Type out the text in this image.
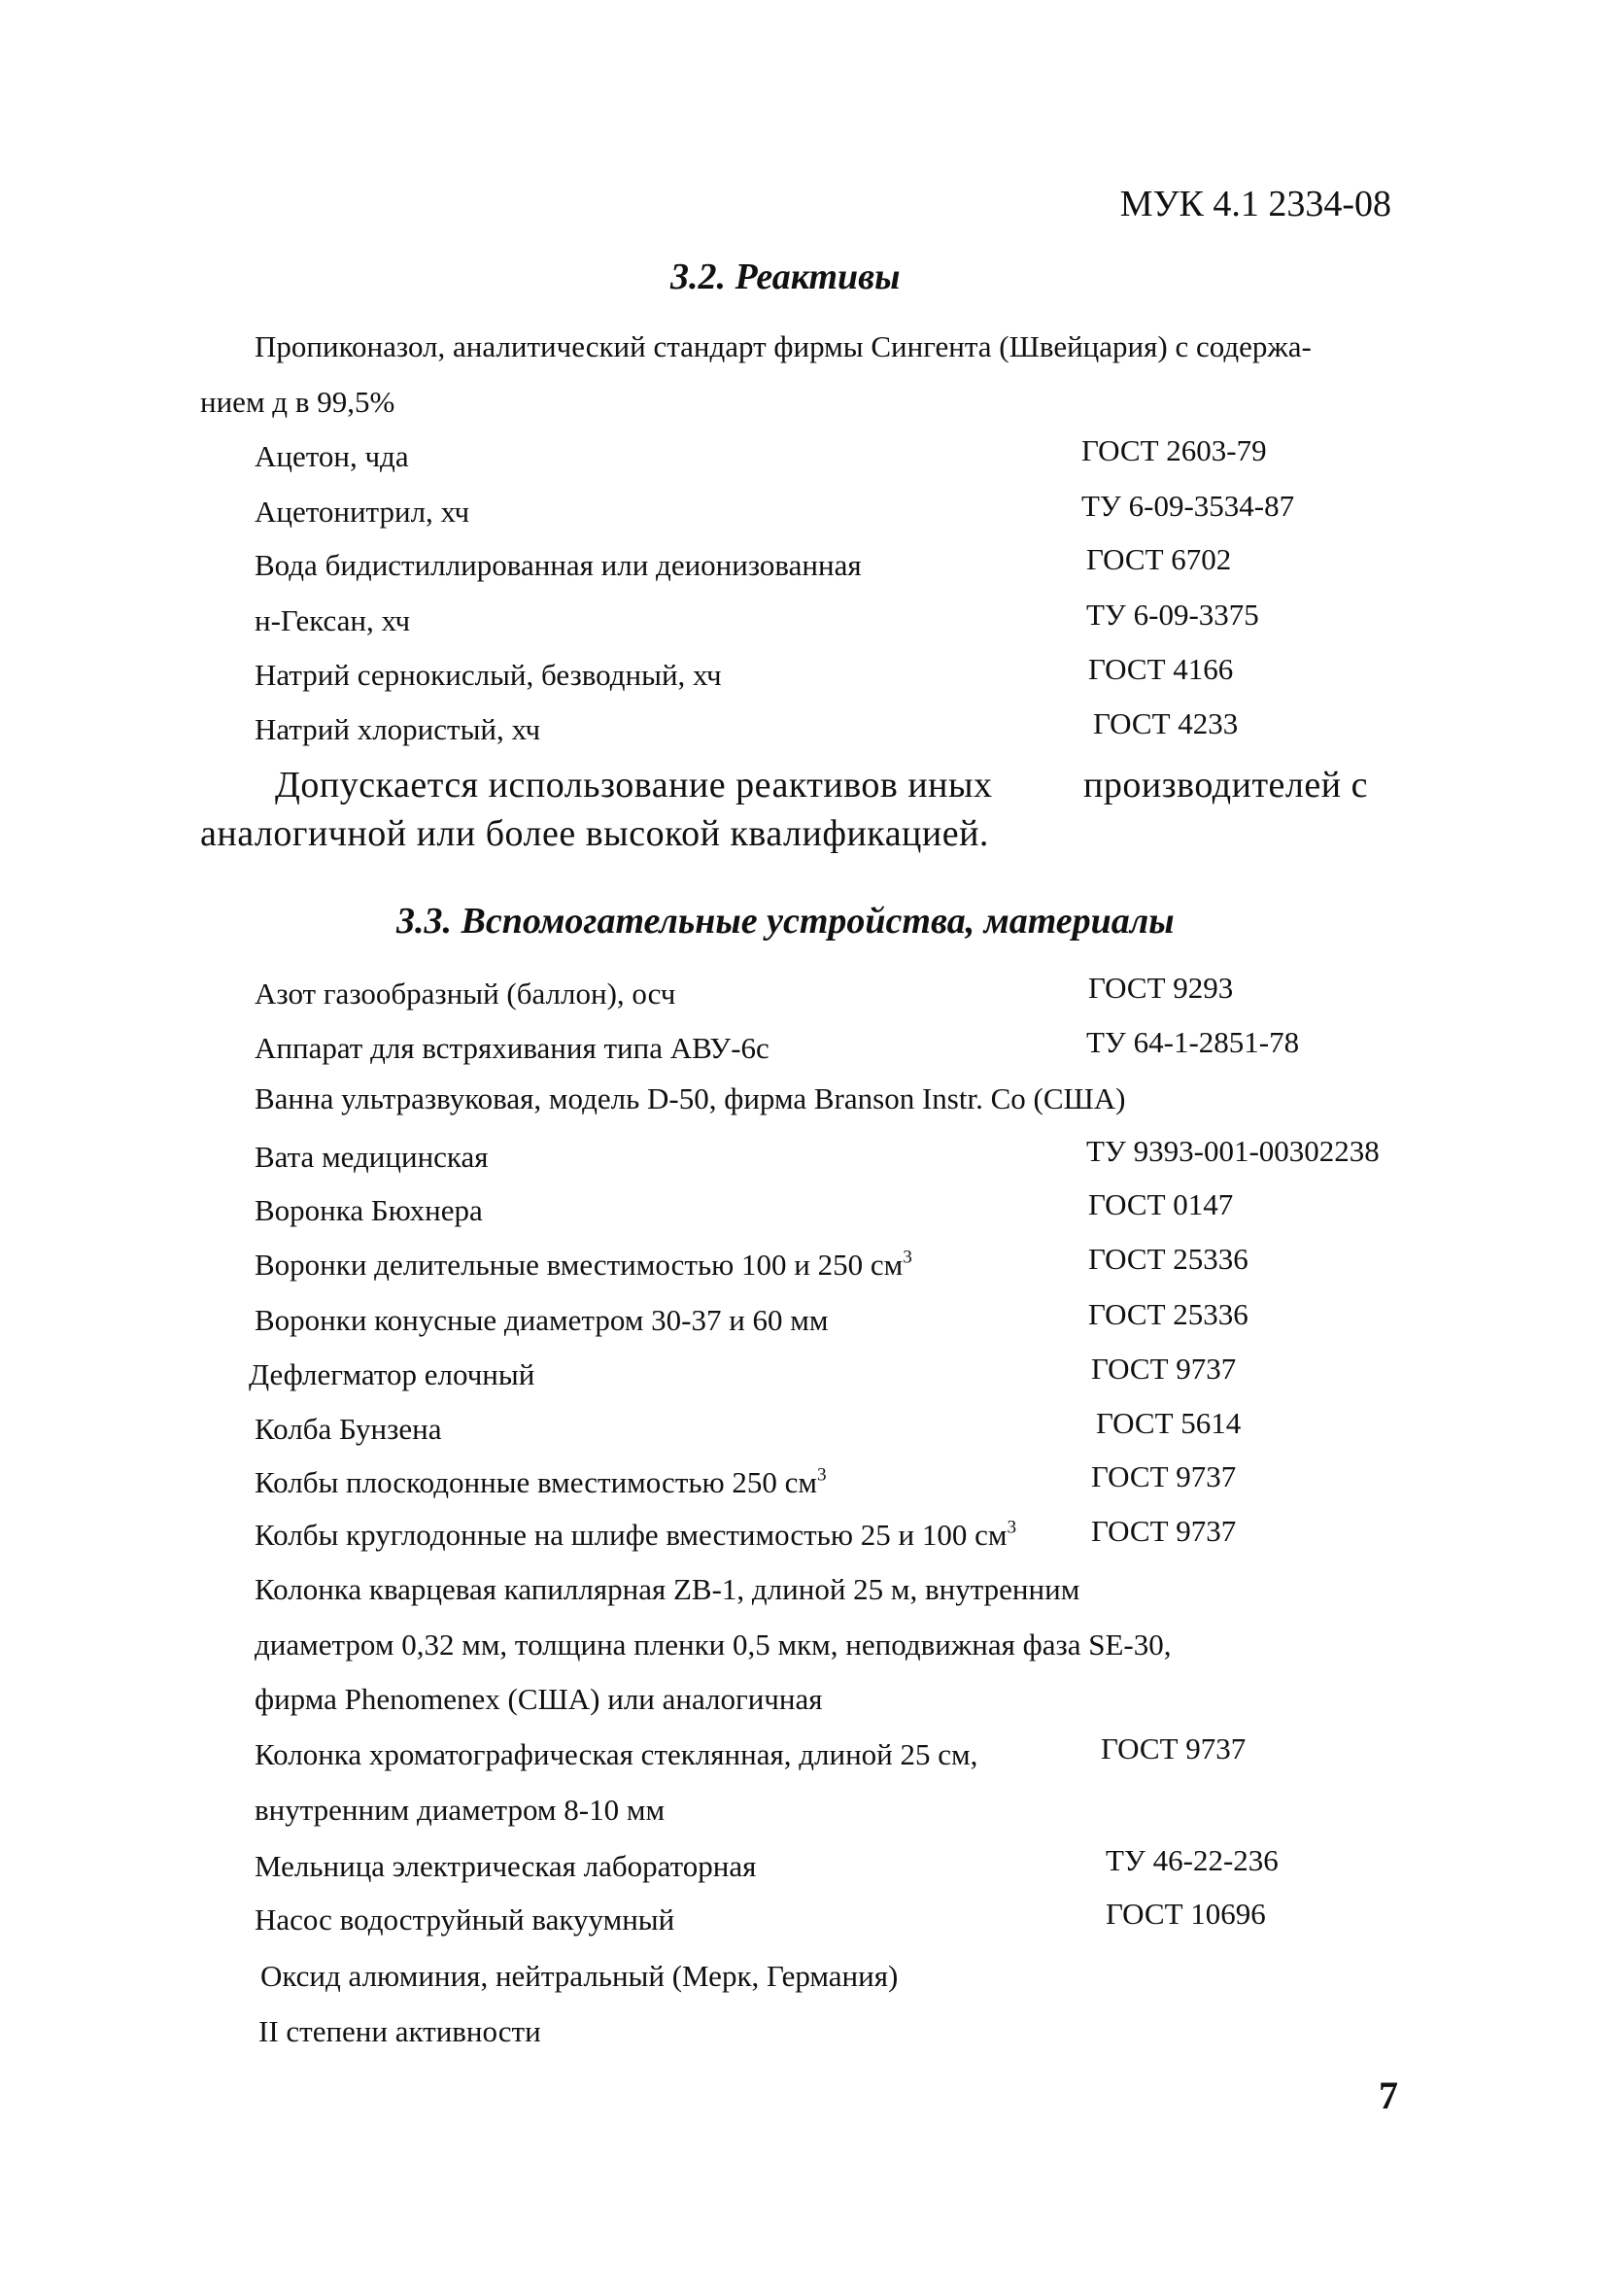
МУК 4.1 2334-08
3.2. Реактивы
Пропиконазол, аналитический стандарт фирмы Сингента (Швейцария) с содержа-
нием д в 99,5%
Ацетон, чда	ГОСТ 2603-79
Ацетонитрил, хч	ТУ 6-09-3534-87
Вода бидистиллированная или деионизованная	ГОСТ 6702
н-Гексан, хч	ТУ 6-09-3375
Натрий сернокислый, безводный, хч	ГОСТ 4166
Натрий хлористый, хч	ГОСТ 4233
Допускается использование реактивов иных производителей с
аналогичной или более высокой квалификацией.
3.3. Вспомогательные устройства, материалы
Азот газообразный (баллон), осч	ГОСТ 9293
Аппарат для встряхивания типа АВУ-6с	ТУ 64-1-2851-78
Ванна ультразвуковая, модель D-50, фирма Branson Instr. Co (США)
Вата медицинская	ТУ 9393-001-00302238
Воронка Бюхнера	ГОСТ 0147
Воронки делительные вместимостью 100 и 250 $см^3$	ГОСТ 25336
Воронки конусные диаметром 30-37 и 60 мм	ГОСТ 25336
Дефлегматор елочный	ГОСТ 9737
Колба Бунзена	ГОСТ 5614
Колбы плоскодонные вместимостью 250 $см^3$	ГОСТ 9737
Колбы круглодонные на шлифе вместимостью 25 и 100 $см^3$ ГОСТ 9737
Колонка кварцевая капиллярная ZB-1, длиной 25 м, внутренним
диаметром 0,32 мм, толщина пленки 0,5 мкм, неподвижная фаза SE-30,
фирма Phenomenex (США) или аналогичная
Колонка хроматографическая стеклянная, длиной 25 см,	ГОСТ 9737
внутренним диаметром 8-10 мм
Мельница электрическая лабораторная	ТУ 46-22-236
Насос водоструйный вакуумный	ГОСТ 10696
Оксид алюминия, нейтральный (Мерк, Германия)
II степени активности
7
